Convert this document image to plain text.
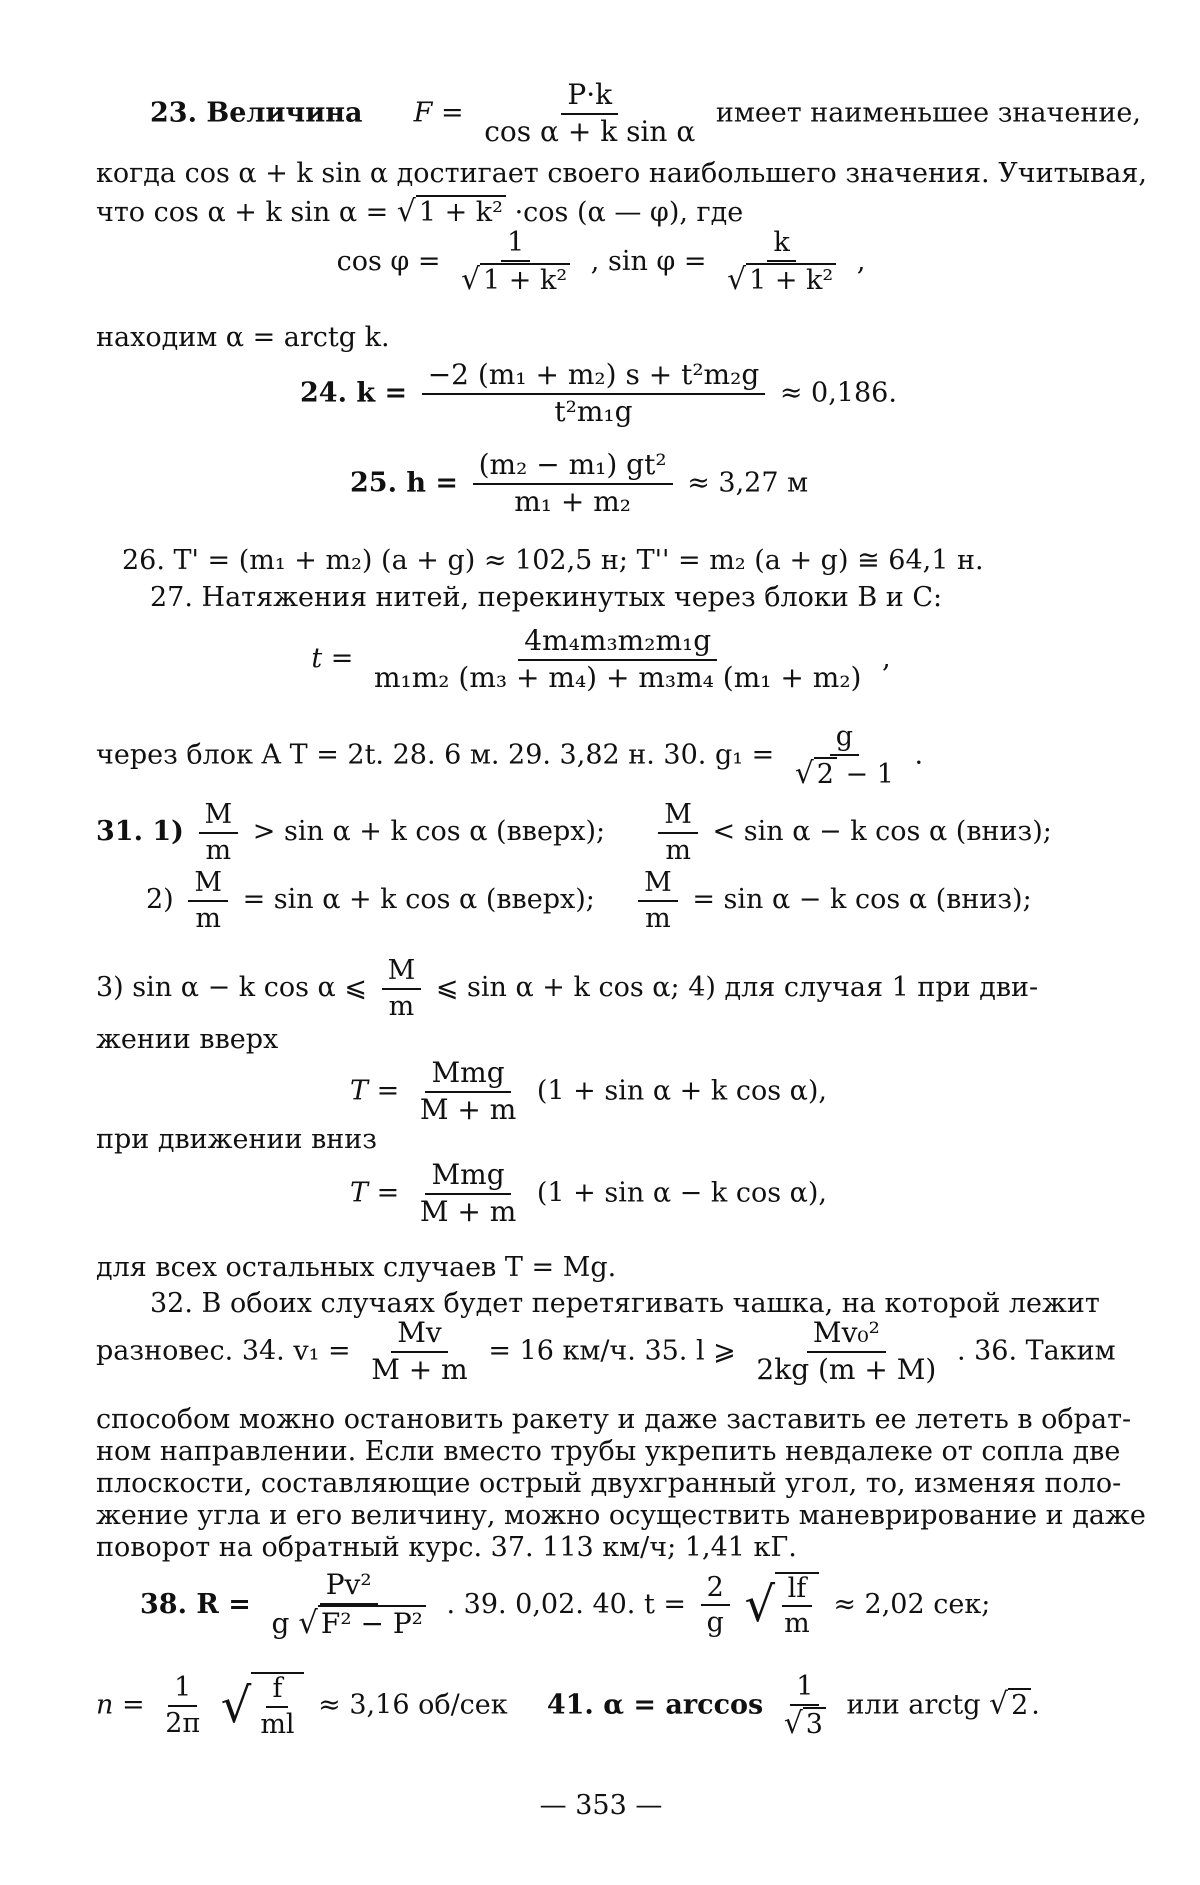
23. Величина $F = \frac{P\cdot k}{\text{cos α + k sin α}}$ имеет наименьшее значение,
когда cos α + k sin α достигает своего наибольшего значения. Учитывая,
что cos α + k sin α = √ 1 + k² ·cos (α — φ), где
$\cos \varphi = \frac{1}{\text{√ 1 + k²}}$ , $\sin \varphi = \frac{k}{\text{√ 1 + k²}}$ ,
находим α = arctg k.
24. $k = \frac{\text{−2 (m₁ + m₂) s + t²m₂g}}{\text{t²m₁g}} \approx 0,186$.
25. $h = \frac{\text{(m₂ − m₁) gt²}}{\text{m₁ + m₂}} \approx 3,27$ м
26. T' = (m₁ + m₂) (a + g) ≈ 102,5 н; T'' = m₂ (a + g) ≅ 64,1 н.
27. Натяжения нитей, перекинутых через блоки B и C:
$t = \frac{\text{4m₄m₃m₂m₁g}}{\text{m₁m₂ (m₃ + m₄) + m₃m₄ (m₁ + m₂)}}$ ,
через блок A T = 2t. 28. 6 м. 29. 3,82 н. 30. $g_1 = \frac{g}{√ 2 - 1}$ .
31. $1) \frac{M}{m} > \sin \alpha + k$ cos α (вверх); $\frac{M}{m} < \sin \alpha - k$ cos α (вниз);
$2) \frac{M}{m} = \sin \alpha + k$ cos α (вверх); $\frac{M}{m} = \sin \alpha - k$ cos α (вниз);
3) sin α − k cos α ⩽ $\frac{M}{m}$ ⩽ sin α + k cos α; 4) для случая 1 при дви-
жении вверх
$T = \frac{\text{Mmg}}{M + m} (1 + \sin \alpha + k$ cos α),
при движении вниз
$T = \frac{\text{Mmg}}{M + m} (1 + \sin \alpha - k$ cos α),
для всех остальных случаев T = Mg.
32. В обоих случаях будет перетягивать чашка, на которой лежит
разновес. 34. $v_1 = \frac{Mv}{M + m} = 16$ км/ч. 35. l ⩾ $\frac{\text{Mv₀²}}{2kg (m + M)}$ . 36. Таким
способом можно остановить ракету и даже заставить ее лететь в обрат-
ном направлении. Если вместо трубы укрепить невдалеке от сопла две
плоскости, составляющие острый двухгранный угол, то, изменяя поло-
жение угла и его величину, можно осуществить маневрирование и даже
поворот на обратный курс. 37. 113 км/ч; 1,41 кГ.
38. $R = \frac{\text{Pv²}}{\text{g √ F² − P²}}$ . 39. 0,02. 40. $t = \frac{2}{g}$ √ $\frac{lf}{m} \approx 2,02$ сек;
$n = \frac{1}{2\pi}$ √ $\frac{f}{ml} \approx 3,16$ об/сек 41. $\alpha = \arccos \frac{1}{√ 3}$ или arctg √ 2 .
— 353 —
